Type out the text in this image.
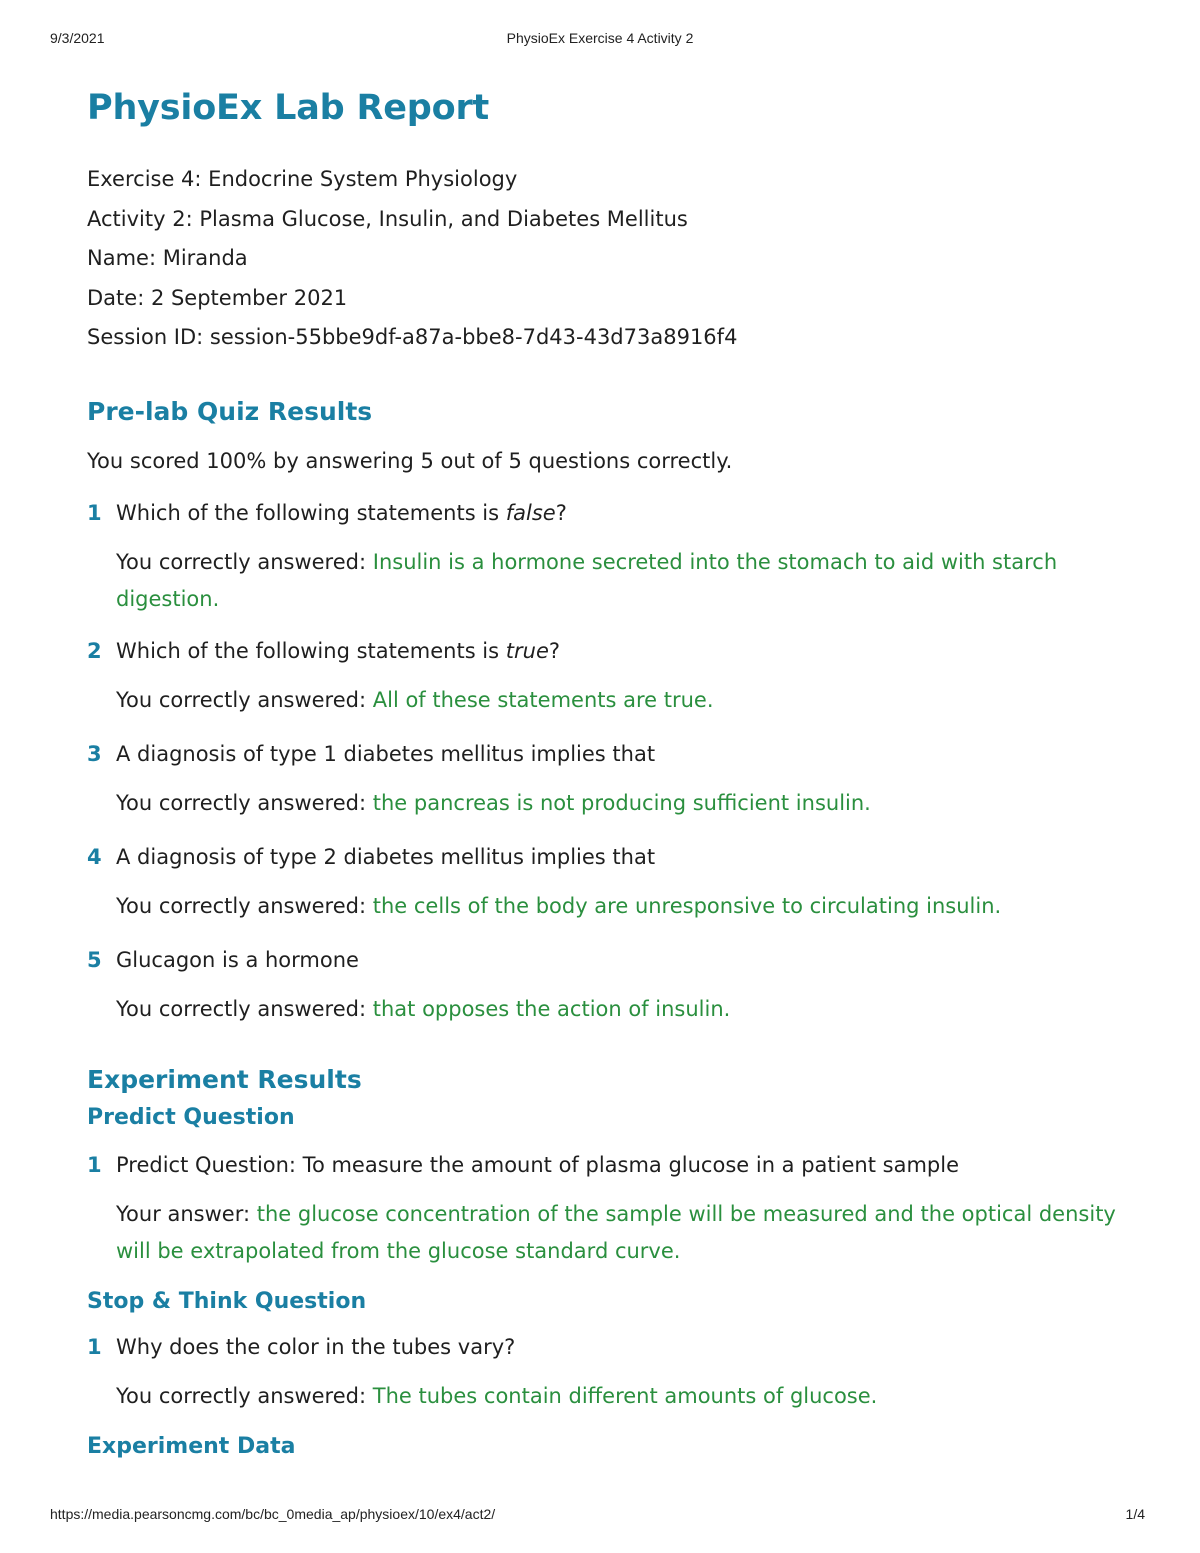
9/3/2021	PhysioEx Exercise 4 Activity 2
PhysioEx Lab Report
Exercise 4: Endocrine System Physiology
Activity 2: Plasma Glucose, Insulin, and Diabetes Mellitus
Name: Miranda
Date: 2 September 2021
Session ID: session-55bbe9df-a87a-bbe8-7d43-43d73a8916f4
Pre-lab Quiz Results

You scored 100% by answering 5 out of 5 questions correctly.

1 Which of the following statements is false?
You correctly answered: Insulin is a hormone secreted into the stomach to aid with starch digestion.
2 Which of the following statements is true?
You correctly answered: All of these statements are true.
3 A diagnosis of type 1 diabetes mellitus implies that
You correctly answered: the pancreas is not producing sufficient insulin.
4 A diagnosis of type 2 diabetes mellitus implies that
You correctly answered: the cells of the body are unresponsive to circulating insulin.
5 Glucagon is a hormone
You correctly answered: that opposes the action of insulin.
Experiment Results
Predict Question
1 Predict Question: To measure the amount of plasma glucose in a patient sample
Your answer: the glucose concentration of the sample will be measured and the optical density will be extrapolated from the glucose standard curve.
Stop & Think Question
1 Why does the color in the tubes vary?
You correctly answered: The tubes contain different amounts of glucose.
Experiment Data
https://media.pearsoncmg.com/bc/bc_0media_ap/physioex/10/ex4/act2/	1/4
